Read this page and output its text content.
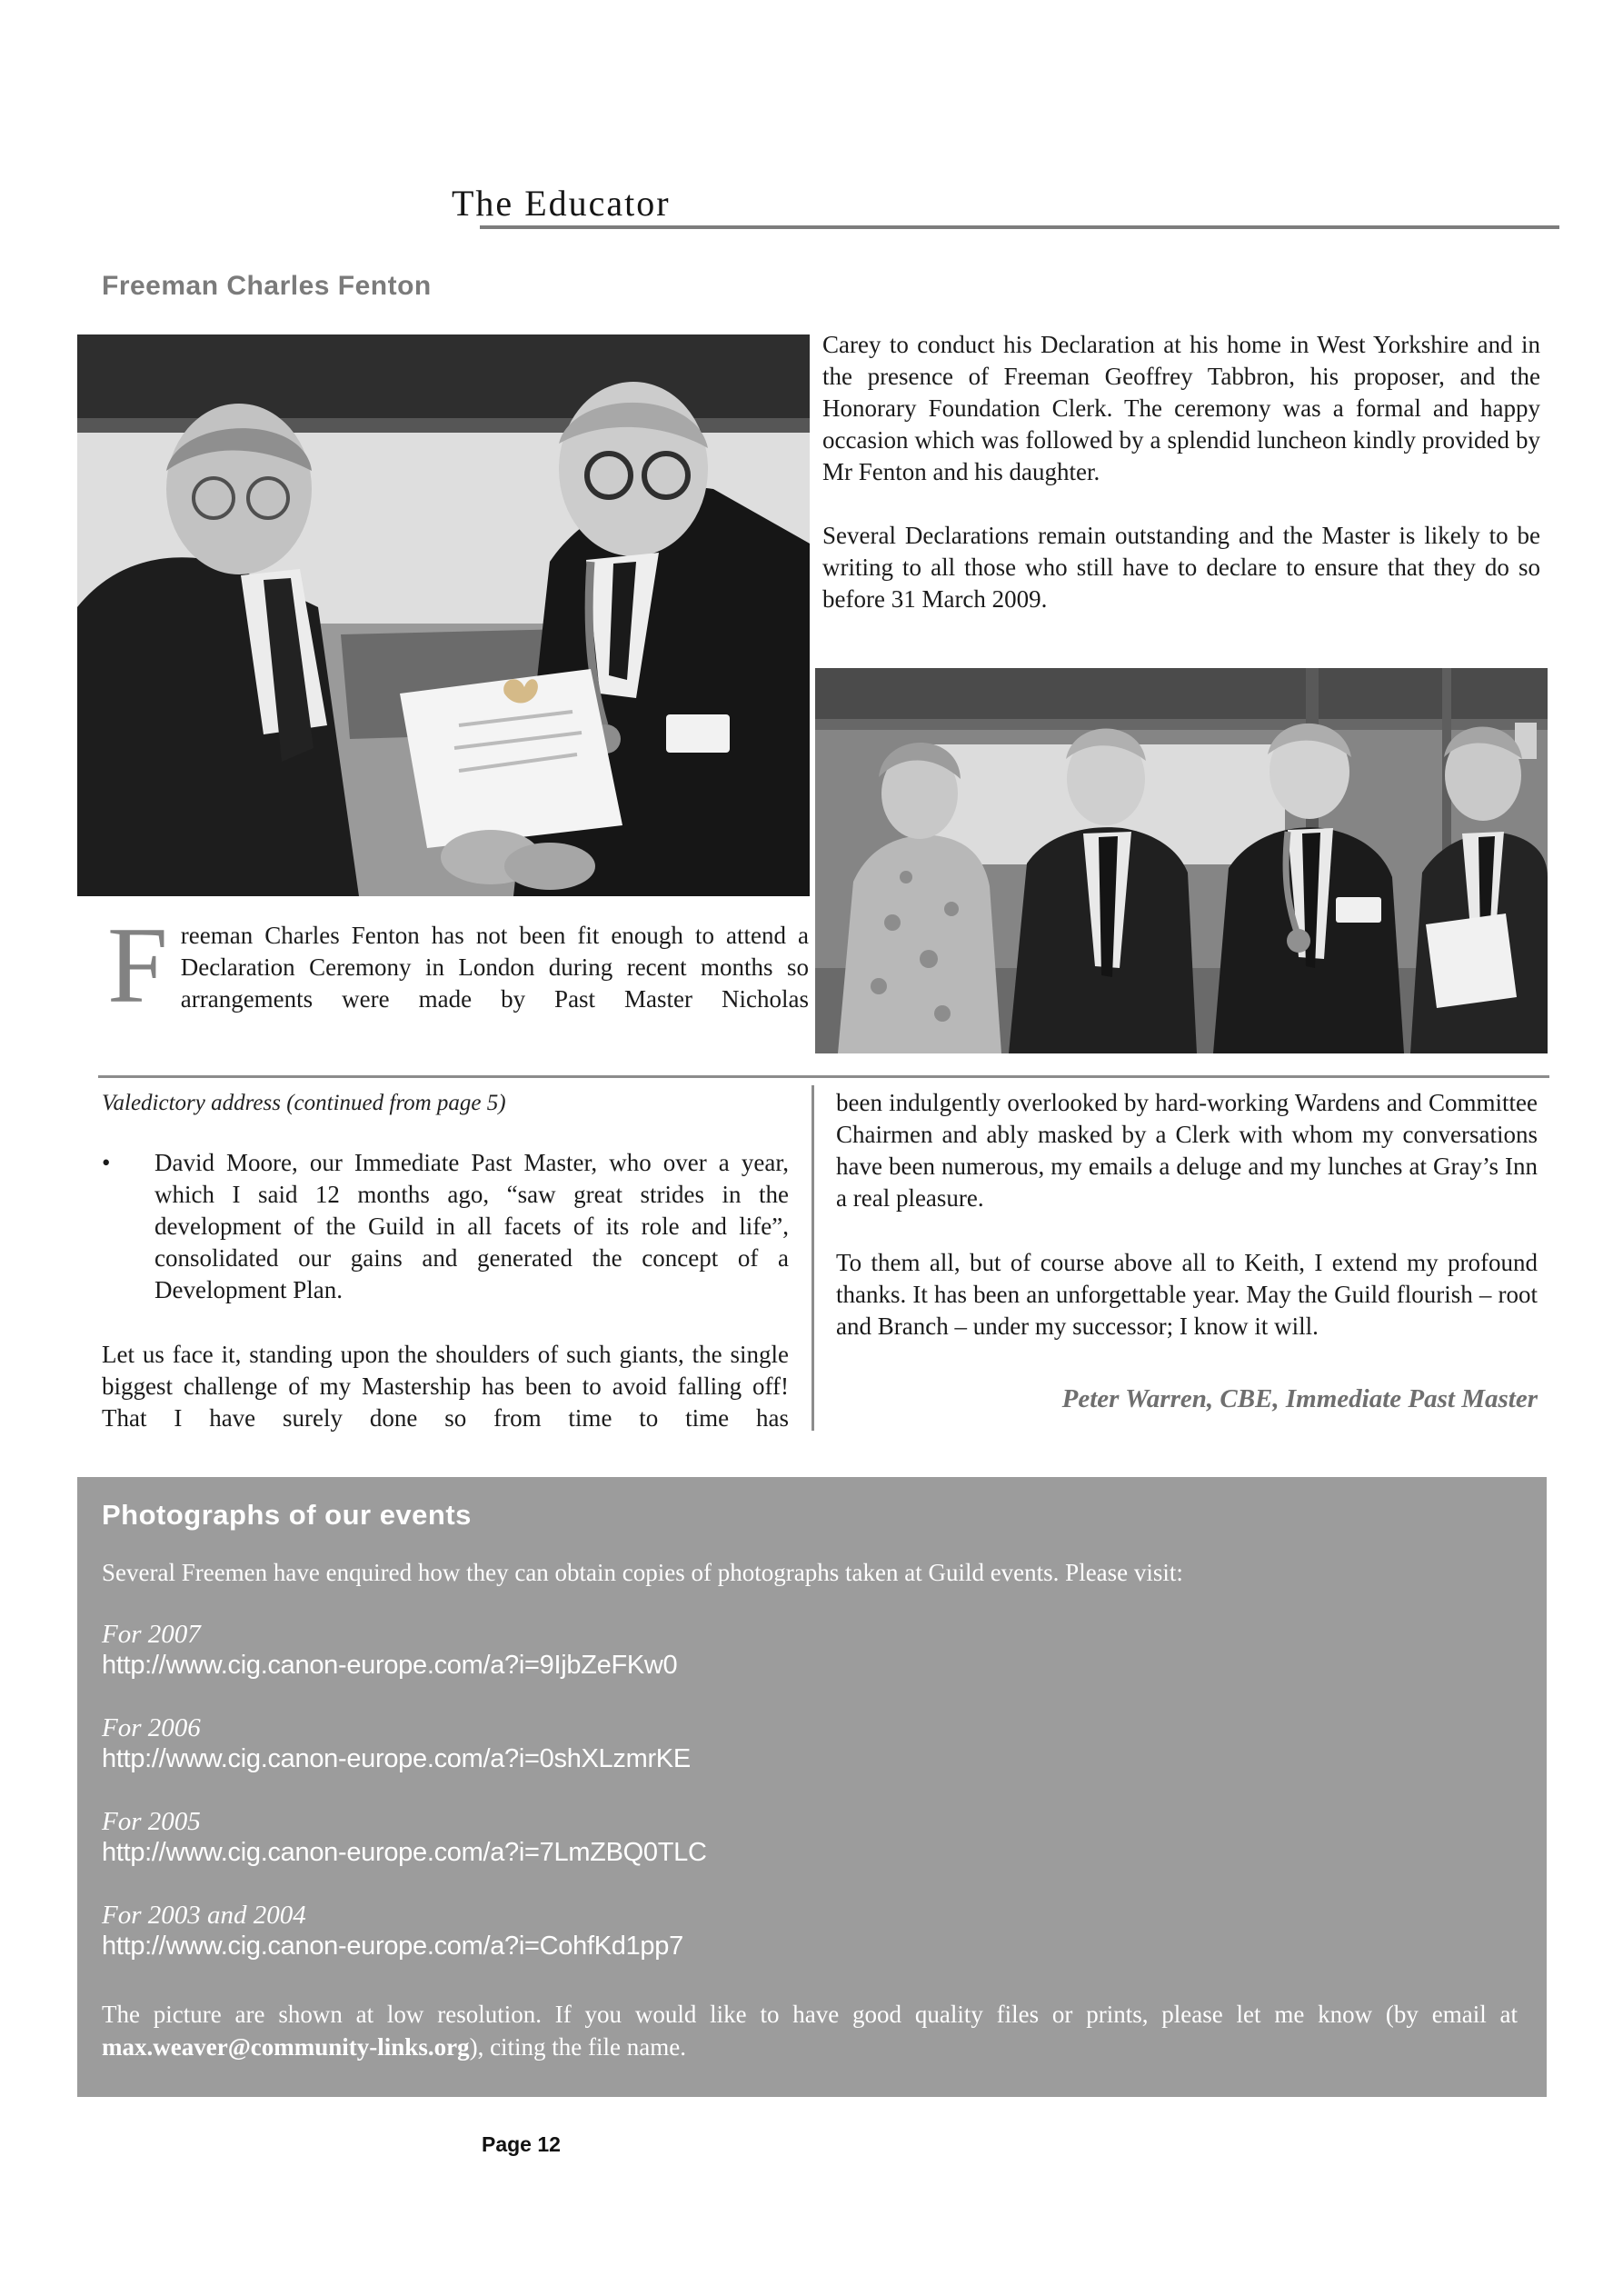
The Educator
Freeman Charles Fenton

Carey to conduct his Declaration at his home in West Yorkshire and in the presence of Freeman Geoffrey Tabbron, his proposer, and the Honorary Foundation Clerk. The ceremony was a formal and happy occasion which was followed by a splendid luncheon kindly provided by Mr Fenton and his daughter.

Several Declarations remain outstanding and the Master is likely to be writing to all those who still have to declare to ensure that they do so before 31 March 2009.

Freeman Charles Fenton has not been fit enough to attend a Declaration Ceremony in London during recent months so arrangements were made by Past Master Nicholas

Valedictory address (continued from page 5)
•	David Moore, our Immediate Past Master, who over a year, which I said 12 months ago, “saw great strides in the development of the Guild in all facets of its role and life”, consolidated our gains and generated the concept of a Development Plan.

Let us face it, standing upon the shoulders of such giants, the single biggest challenge of my Mastership has been to avoid falling off! That I have surely done so from time to time has

been indulgently overlooked by hard-working Wardens and Committee Chairmen and ably masked by a Clerk with whom my conversations have been numerous, my emails a deluge and my lunches at Gray’s Inn a real pleasure.

To them all, but of course above all to Keith, I extend my profound thanks. It has been an unforgettable year. May the Guild flourish – root and Branch – under my successor; I know it will.

Peter Warren, CBE, Immediate Past Master
Photographs of our events

Several Freemen have enquired how they can obtain copies of photographs taken at Guild events. Please visit:

For 2007
http://www.cig.canon-europe.com/a?i=9IjbZeFKw0
For 2006
http://www.cig.canon-europe.com/a?i=0shXLzmrKE
For 2005
http://www.cig.canon-europe.com/a?i=7LmZBQ0TLC
For 2003 and 2004
http://www.cig.canon-europe.com/a?i=CohfKd1pp7

The picture are shown at low resolution. If you would like to have good quality files or prints, please let me know (by email at max.weaver@community-links.org), citing the file name.

Page 12
